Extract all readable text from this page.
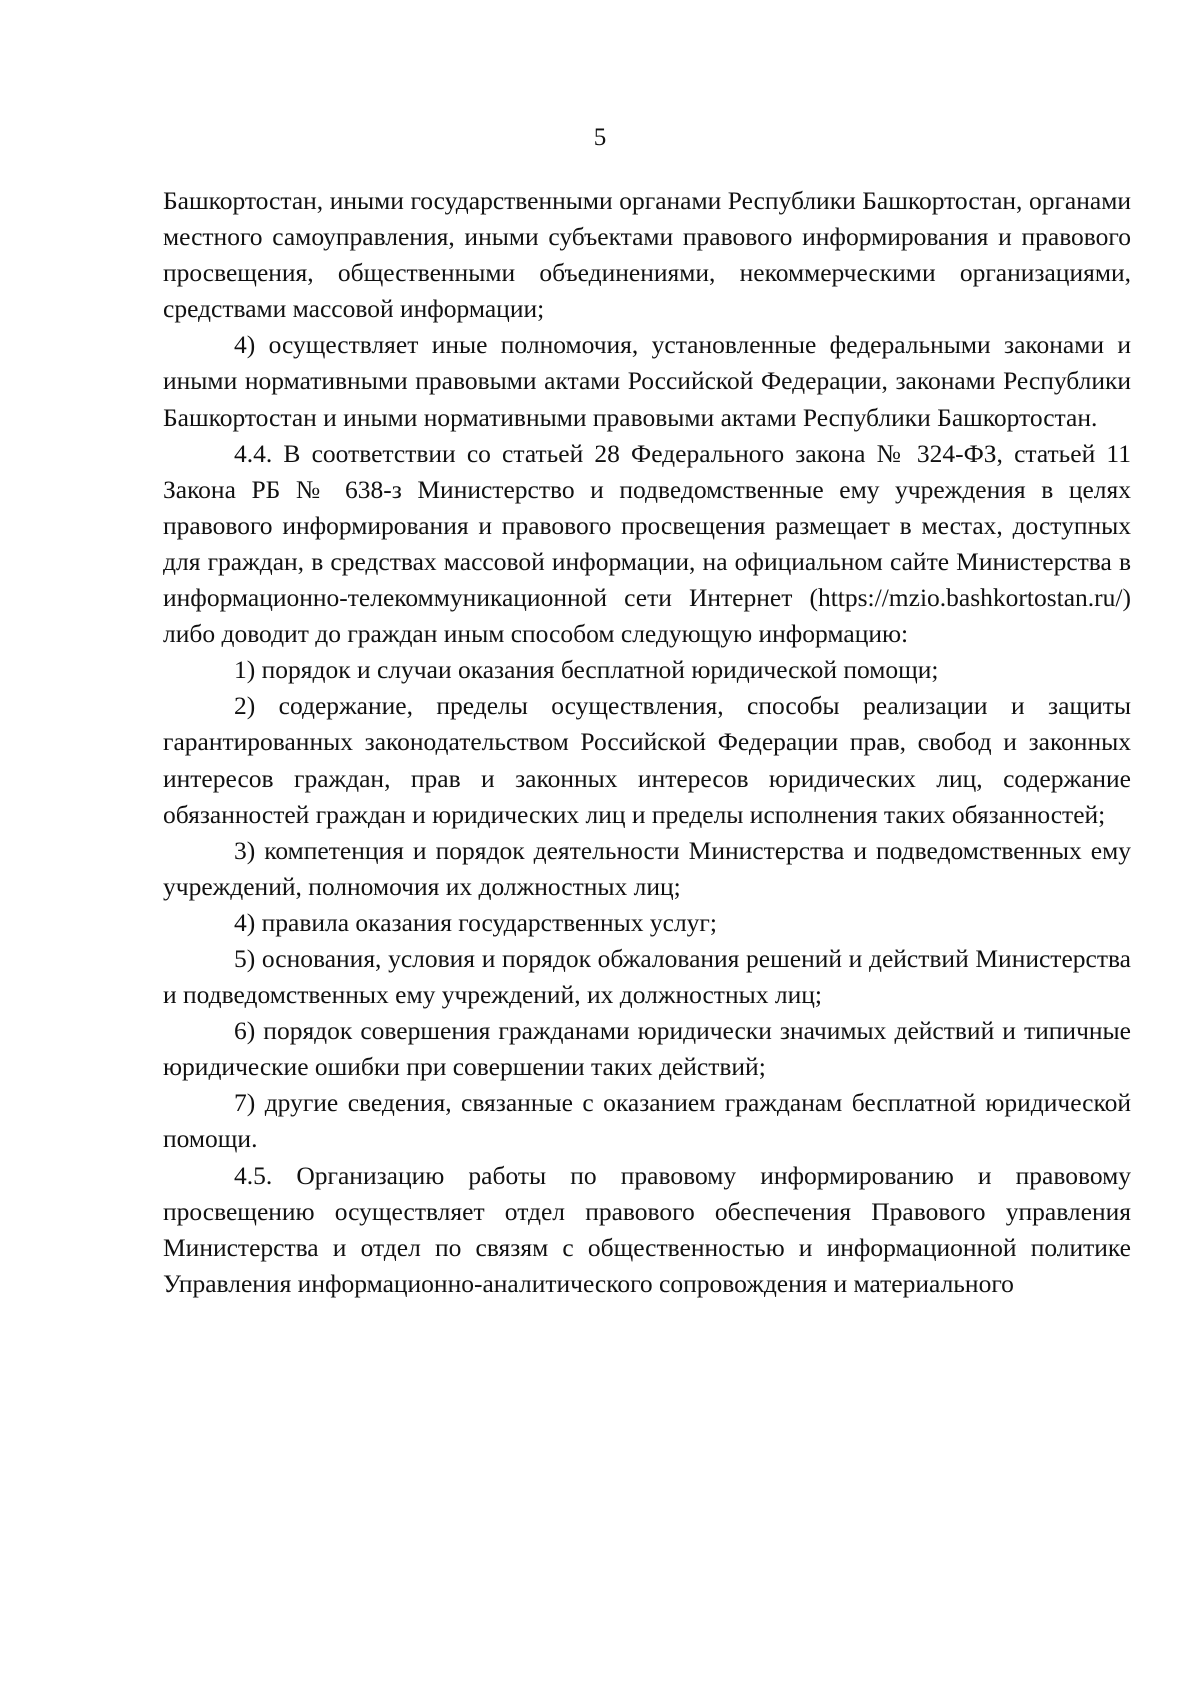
5

Башкортостан, иными государственными органами Республики Башкортостан, органами местного самоуправления, иными субъектами правового информирования и правового просвещения, общественными объединениями, некоммерческими организациями, средствами массовой информации;

4) осуществляет иные полномочия, установленные федеральными законами и иными нормативными правовыми актами Российской Федерации, законами Республики Башкортостан и иными нормативными правовыми актами Республики Башкортостан.

4.4. В соответствии со статьей 28 Федерального закона № 324-ФЗ, статьей 11 Закона РБ № 638-з Министерство и подведомственные ему учреждения в целях правового информирования и правового просвещения размещает в местах, доступных для граждан, в средствах массовой информации, на официальном сайте Министерства в информационно-телекоммуникационной сети Интернет (https://mzio.bashkortostan.ru/) либо доводит до граждан иным способом следующую информацию:

1) порядок и случаи оказания бесплатной юридической помощи;

2) содержание, пределы осуществления, способы реализации и защиты гарантированных законодательством Российской Федерации прав, свобод и законных интересов граждан, прав и законных интересов юридических лиц, содержание обязанностей граждан и юридических лиц и пределы исполнения таких обязанностей;

3) компетенция и порядок деятельности Министерства и подведомственных ему учреждений, полномочия их должностных лиц;

4) правила оказания государственных услуг;

5) основания, условия и порядок обжалования решений и действий Министерства и подведомственных ему учреждений, их должностных лиц;

6) порядок совершения гражданами юридически значимых действий и типичные юридические ошибки при совершении таких действий;

7) другие сведения, связанные с оказанием гражданам бесплатной юридической помощи.

4.5. Организацию работы по правовому информированию и правовому просвещению осуществляет отдел правового обеспечения Правового управления Министерства и отдел по связям с общественностью и информационной политике Управления информационно-аналитического сопровождения и материального
